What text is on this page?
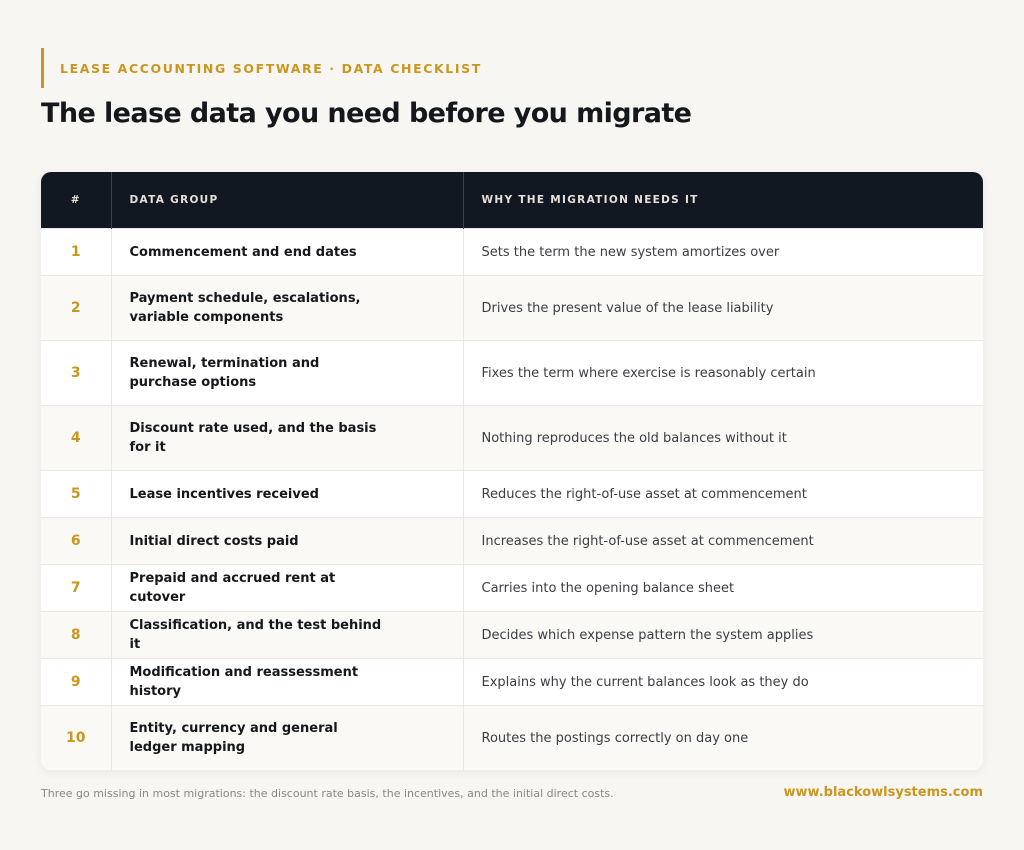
LEASE ACCOUNTING SOFTWARE · DATA CHECKLIST
The lease data you need before you migrate
#	DATA GROUP	WHY THE MIGRATION NEEDS IT
1	Commencement and end dates	Sets the term the new system amortizes over
2	Payment schedule, escalations, variable components	Drives the present value of the lease liability
3	Renewal, termination and purchase options	Fixes the term where exercise is reasonably certain
4	Discount rate used, and the basis for it	Nothing reproduces the old balances without it
5	Lease incentives received	Reduces the right-of-use asset at commencement
6	Initial direct costs paid	Increases the right-of-use asset at commencement
7	Prepaid and accrued rent at cutover	Carries into the opening balance sheet
8	Classification, and the test behind it	Decides which expense pattern the system applies
9	Modification and reassessment history	Explains why the current balances look as they do
10	Entity, currency and general ledger mapping	Routes the postings correctly on day one
Three go missing in most migrations: the discount rate basis, the incentives, and the initial direct costs.	www.blackowlsystems.com
